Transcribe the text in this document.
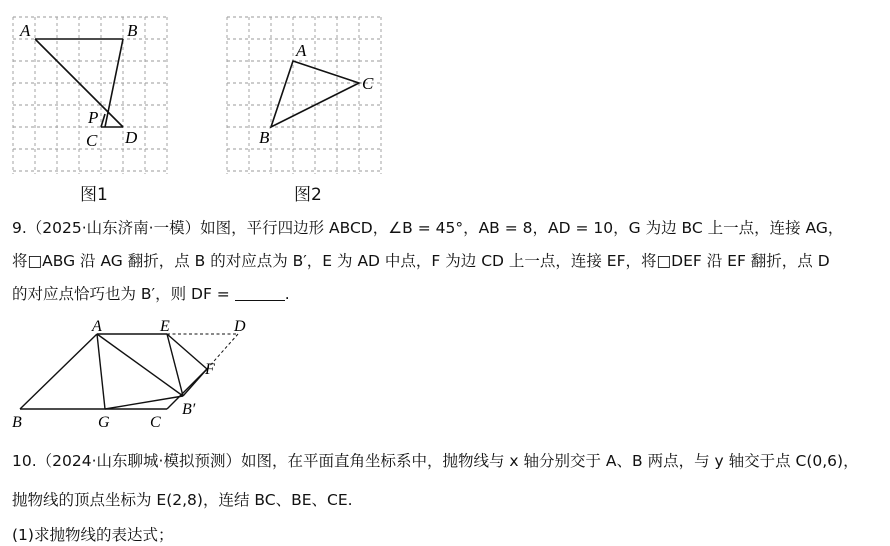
A	B
P
C D
图1
A
C
B
图2
9.（2025·山东济南·一模）如图，平行四边形 ABCD，∠B = 45°，AB = 8，AD = 10，G 为边 BC 上一点，连接 AG，
将□ABG 沿 AG 翻折，点 B 的对应点为 B′，E 为 AD 中点，F 为边 CD 上一点，连接 EF，将□DEF 沿 EF 翻折，点 D
的对应点恰巧也为 B′，则 DF =	.
A	E	D
F
B	G	C
B′
10.（2024·山东聊城·模拟预测）如图，在平面直角坐标系中，抛物线与 x 轴分别交于 A、B 两点，与 y 轴交于点 C(0,6)，
抛物线的顶点坐标为 E(2,8)，连结 BC、BE、CE.
(1)求抛物线的表达式；
